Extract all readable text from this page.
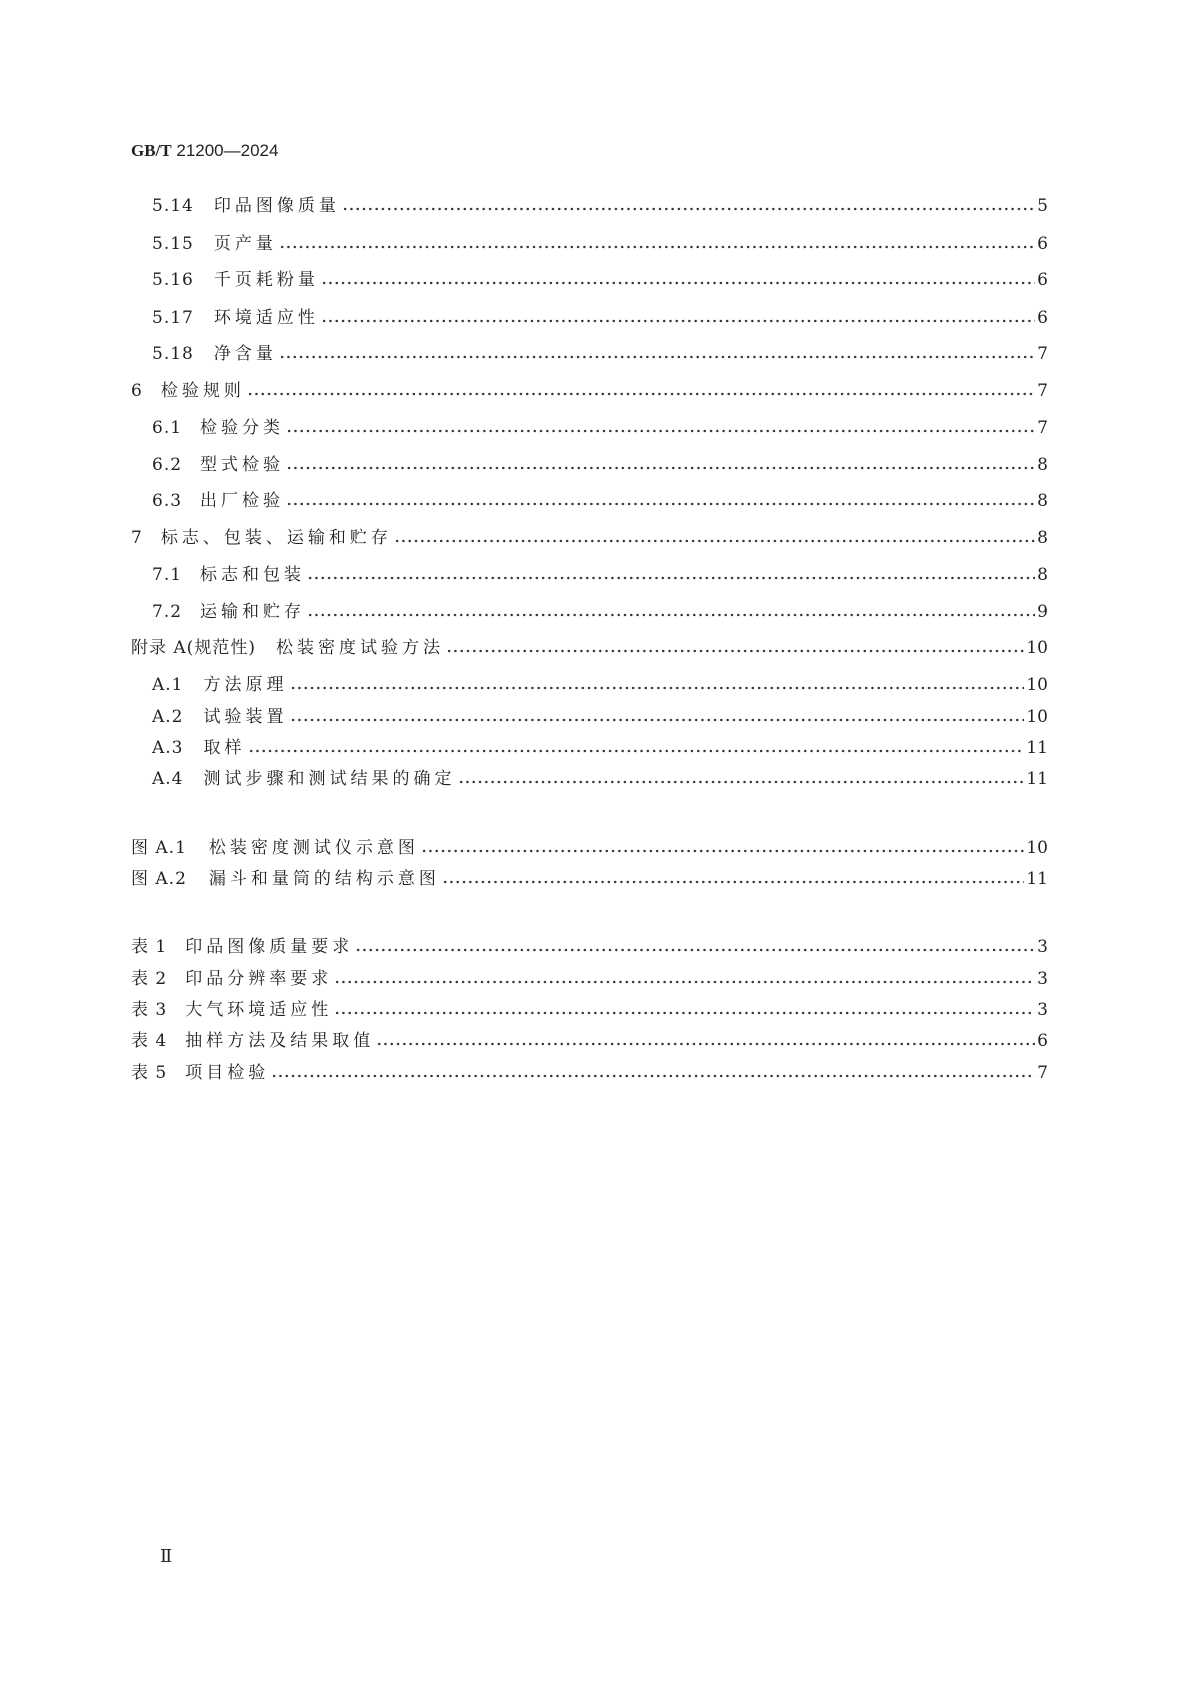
GB/T 21200—2024
5.14 印品图像质量	5
5.15 页产量	6
5.16 千页耗粉量	6
5.17 环境适应性	6
5.18 净含量	7
6 检验规则	7
6.1 检验分类	7
6.2 型式检验	8
6.3 出厂检验	8
7 标志、包装、运输和贮存	8
7.1 标志和包装	8
7.2 运输和贮存	9
附录 A(规范性) 松装密度试验方法	10
A.1 方法原理	10
A.2 试验装置	10
A.3 取样	11
A.4 测试步骤和测试结果的确定	11
图 A.1 松装密度测试仪示意图	10
图 A.2 漏斗和量筒的结构示意图	11
表 1 印品图像质量要求	3
表 2 印品分辨率要求	3
表 3 大气环境适应性	3
表 4 抽样方法及结果取值	6
表 5 项目检验	7
Ⅱ
